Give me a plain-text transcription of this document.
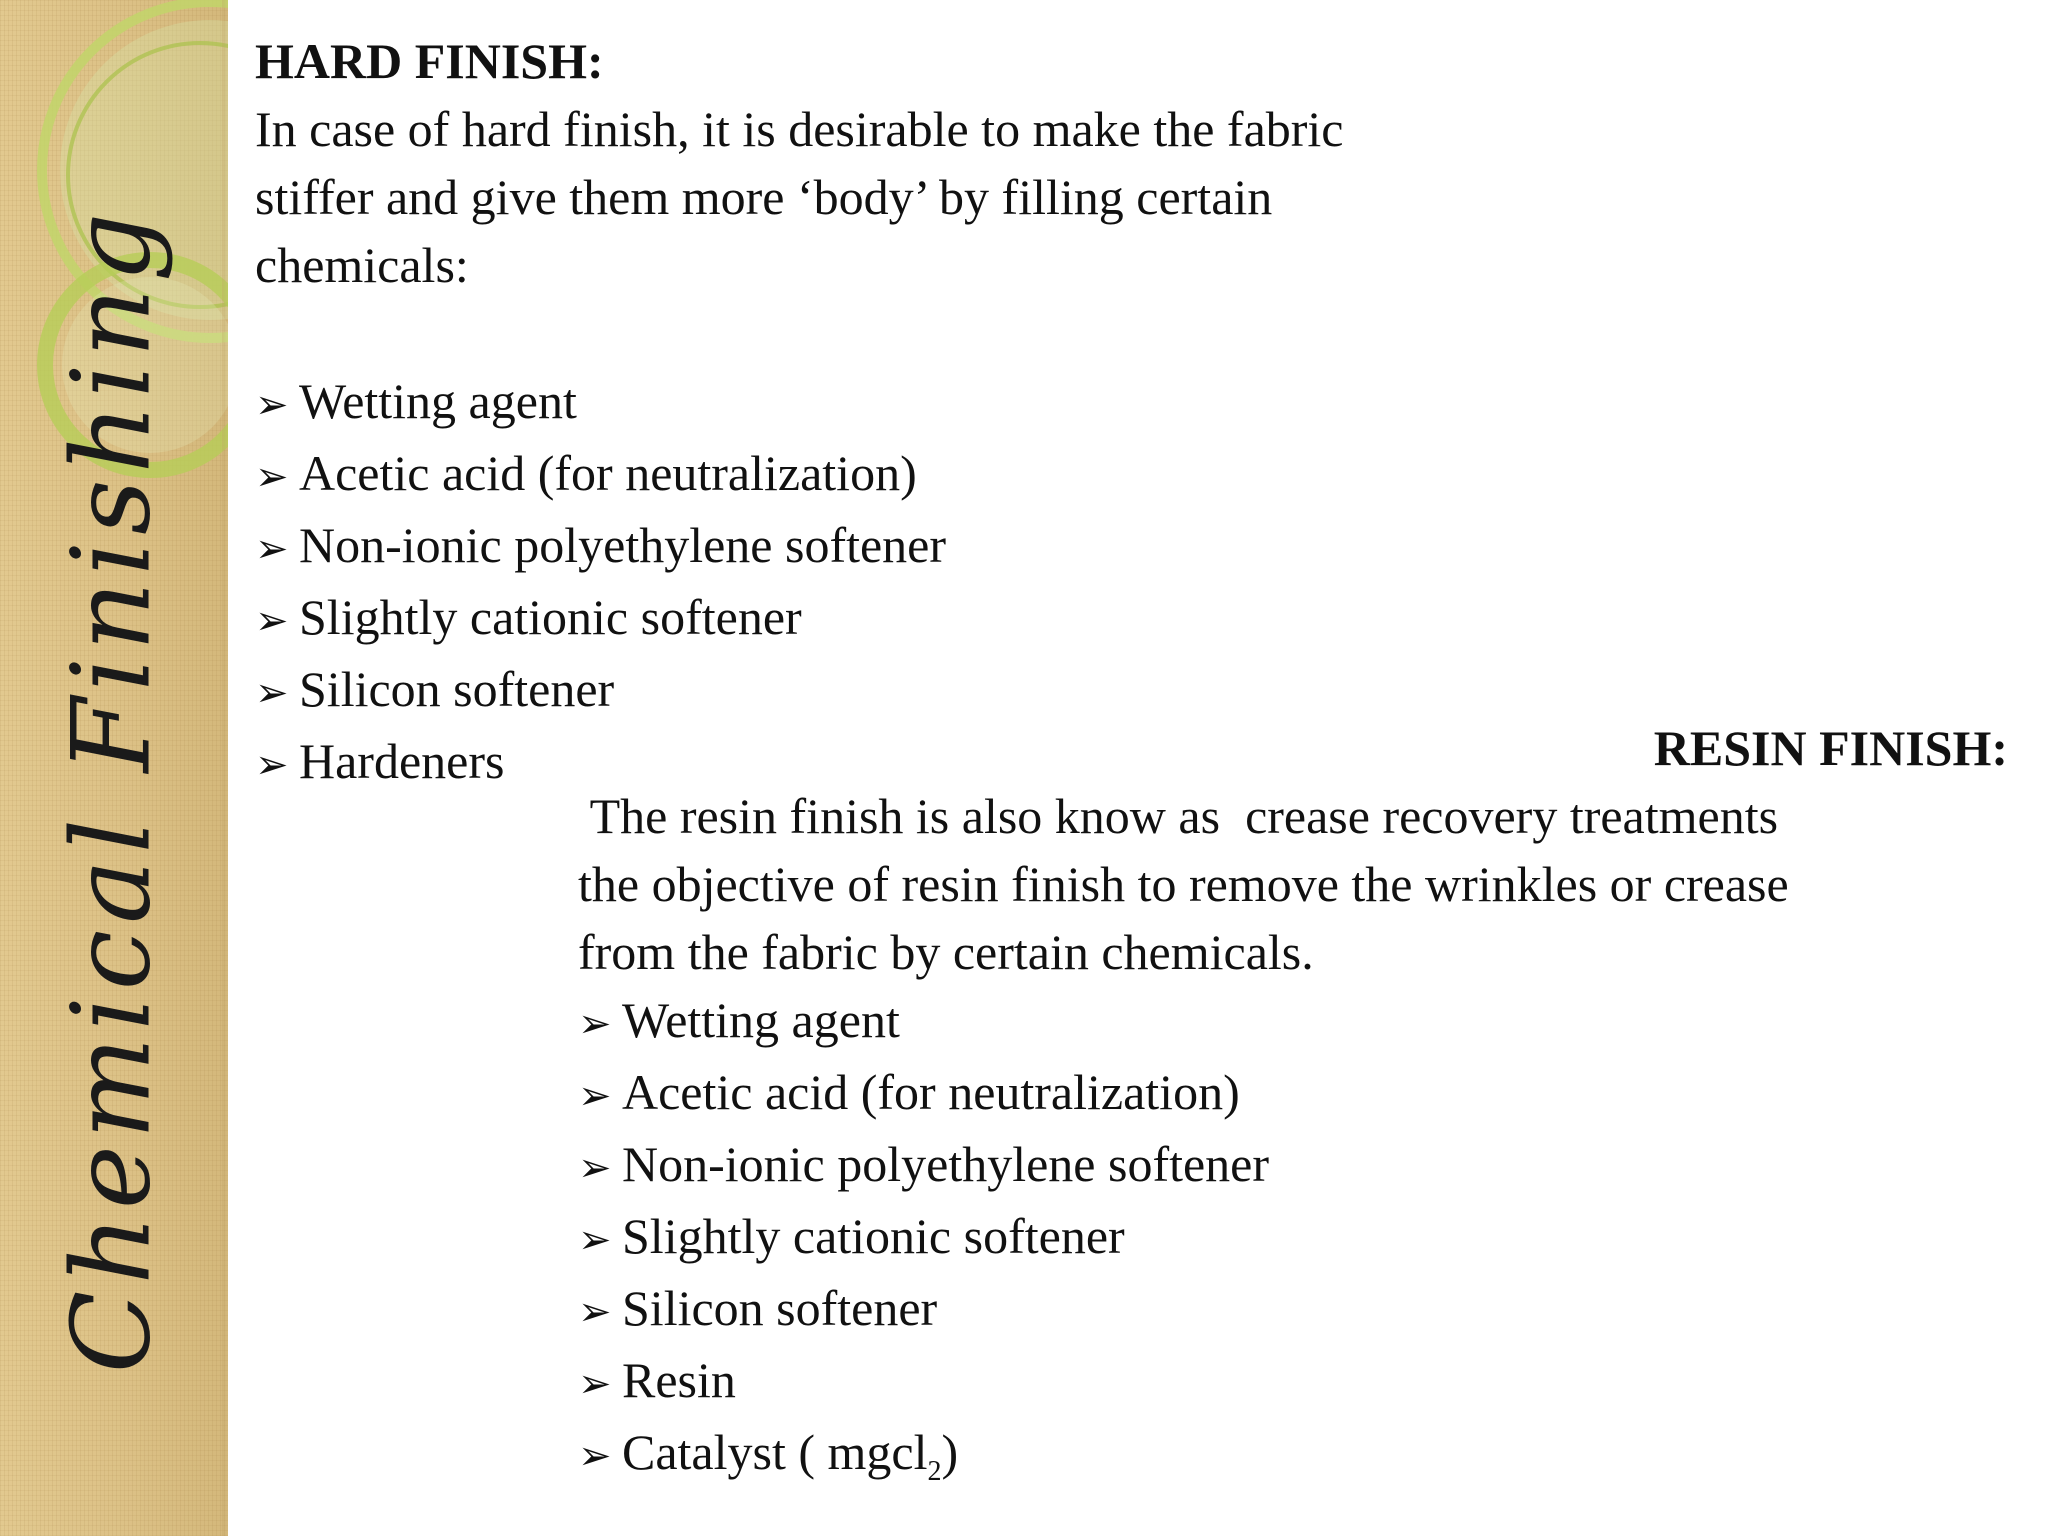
Chemical Finishing
HARD FINISH:
In case of hard finish, it is desirable to make the fabric
stiffer and give them more ‘body’ by filling certain
chemicals:
➢ Wetting agent
➢ Acetic acid (for neutralization)
➢ Non-ionic polyethylene softener
➢ Slightly cationic softener
➢ Silicon softener
➢ Hardeners	RESIN FINISH:
The resin finish is also know as  crease recovery treatments
the objective of resin finish to remove the wrinkles or crease
from the fabric by certain chemicals.
➢ Wetting agent
➢ Acetic acid (for neutralization)
➢ Non-ionic polyethylene softener
➢ Slightly cationic softener
➢ Silicon softener
➢ Resin
➢ Catalyst ( mgcl$_2$)
